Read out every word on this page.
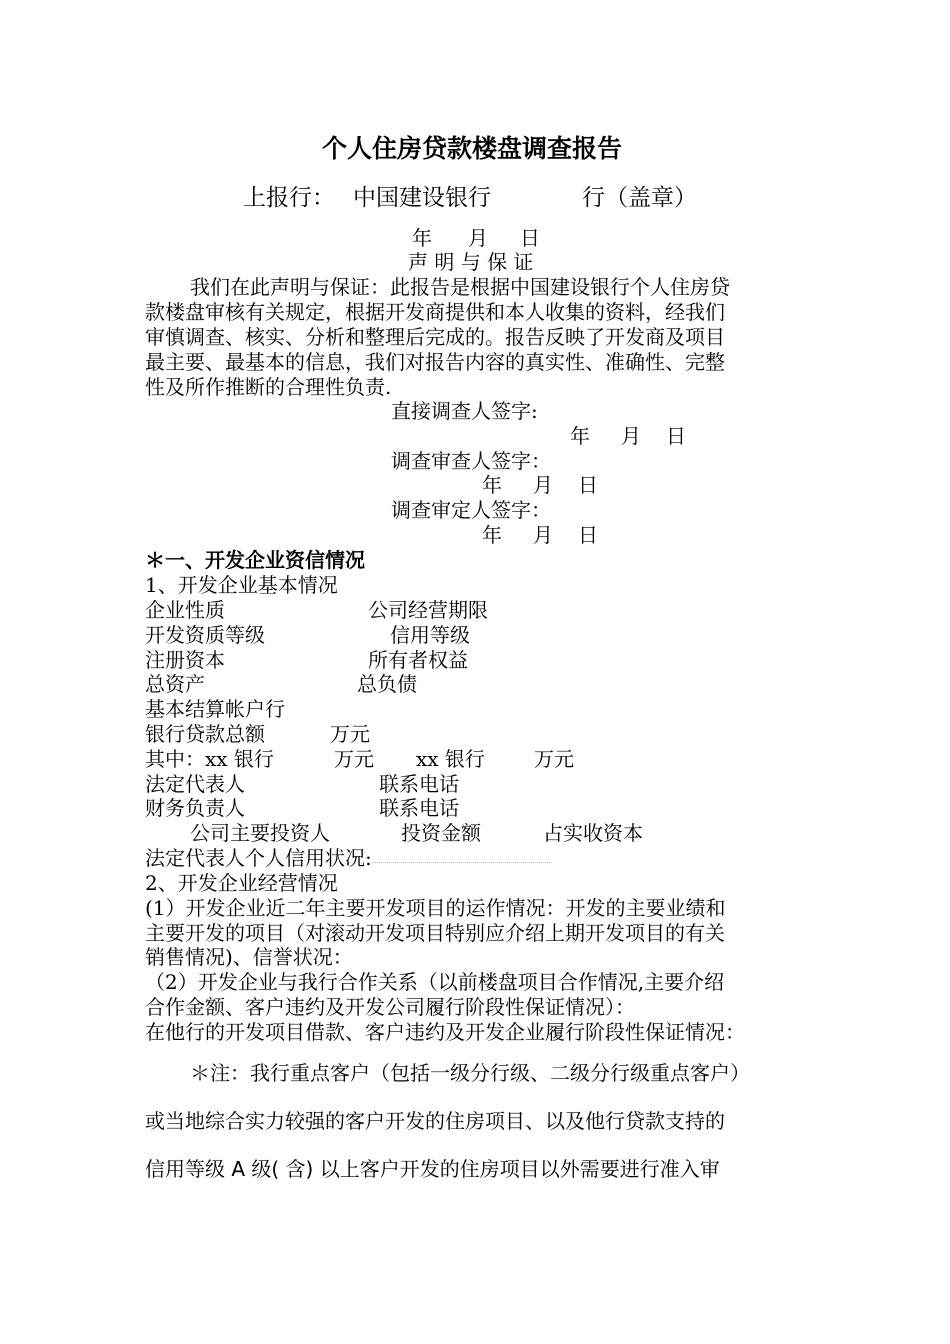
个人住房贷款楼盘调查报告
上报行： 中国建设银行	行（盖章）
年 月 日
声 明 与 保 证
我们在此声明与保证：此报告是根据中国建设银行个人住房贷
款楼盘审核有关规定，根据开发商提供和本人收集的资料，经我们
审慎调查、核实、分析和整理后完成的。报告反映了开发商及项目
最主要、最基本的信息，我们对报告内容的真实性、准确性、完整
性及所作推断的合理性负责.
直接调查人签字:
年 月 日
调查审查人签字：
年 月 日
调查审定人签字：
年 月 日
＊一、开发企业资信情况
1、开发企业基本情况
企业性质	公司经营期限
开发资质等级	信用等级
注册资本	所有者权益
总资产	总负债
基本结算帐户行
银行贷款总额	万元
其中：xx 银行	万元 xx 银行 万元
法定代表人	联系电话
财务负责人	联系电话
公司主要投资人	投资金额	占实收资本
法定代表人个人信用状况:
2、开发企业经营情况
(1）开发企业近二年主要开发项目的运作情况：开发的主要业绩和
主要开发的项目（对滚动开发项目特别应介绍上期开发项目的有关
销售情况)、信誉状况：
（2）开发企业与我行合作关系（以前楼盘项目合作情况,主要介绍
合作金额、客户违约及开发公司履行阶段性保证情况）：
在他行的开发项目借款、客户违约及开发企业履行阶段性保证情况：
＊注：我行重点客户（包括一级分行级、二级分行级重点客户）
或当地综合实力较强的客户开发的住房项目、以及他行贷款支持的
信用等级 A 级( 含) 以上客户开发的住房项目以外需要进行准入审
